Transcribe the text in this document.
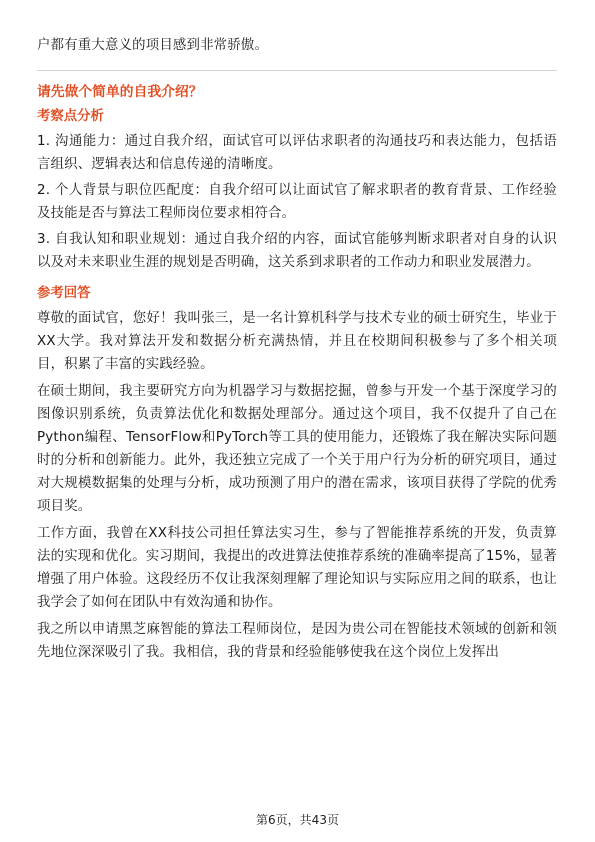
户都有重大意义的项目感到非常骄傲。

请先做个简单的自我介绍？
考察点分析

1. 沟通能力：通过自我介绍，面试官可以评估求职者的沟通技巧和表达能力，包括语言组织、逻辑表达和信息传递的清晰度。

2. 个人背景与职位匹配度：自我介绍可以让面试官了解求职者的教育背景、工作经验及技能是否与算法工程师岗位要求相符合。

3. 自我认知和职业规划：通过自我介绍的内容，面试官能够判断求职者对自身的认识以及对未来职业生涯的规划是否明确，这关系到求职者的工作动力和职业发展潜力。

参考回答

尊敬的面试官，您好！我叫张三，是一名计算机科学与技术专业的硕士研究生，毕业于XX大学。我对算法开发和数据分析充满热情，并且在校期间积极参与了多个相关项目，积累了丰富的实践经验。

在硕士期间，我主要研究方向为机器学习与数据挖掘，曾参与开发一个基于深度学习的图像识别系统，负责算法优化和数据处理部分。通过这个项目，我不仅提升了自己在Python编程、TensorFlow和PyTorch等工具的使用能力，还锻炼了我在解决实际问题时的分析和创新能力。此外，我还独立完成了一个关于用户行为分析的研究项目，通过对大规模数据集的处理与分析，成功预测了用户的潜在需求，该项目获得了学院的优秀项目奖。

工作方面，我曾在XX科技公司担任算法实习生，参与了智能推荐系统的开发，负责算法的实现和优化。实习期间，我提出的改进算法使推荐系统的准确率提高了15%，显著增强了用户体验。这段经历不仅让我深刻理解了理论知识与实际应用之间的联系，也让我学会了如何在团队中有效沟通和协作。

我之所以申请黑芝麻智能的算法工程师岗位，是因为贵公司在智能技术领域的创新和领先地位深深吸引了我。我相信，我的背景和经验能够使我在这个岗位上发挥出

第6页，共43页
